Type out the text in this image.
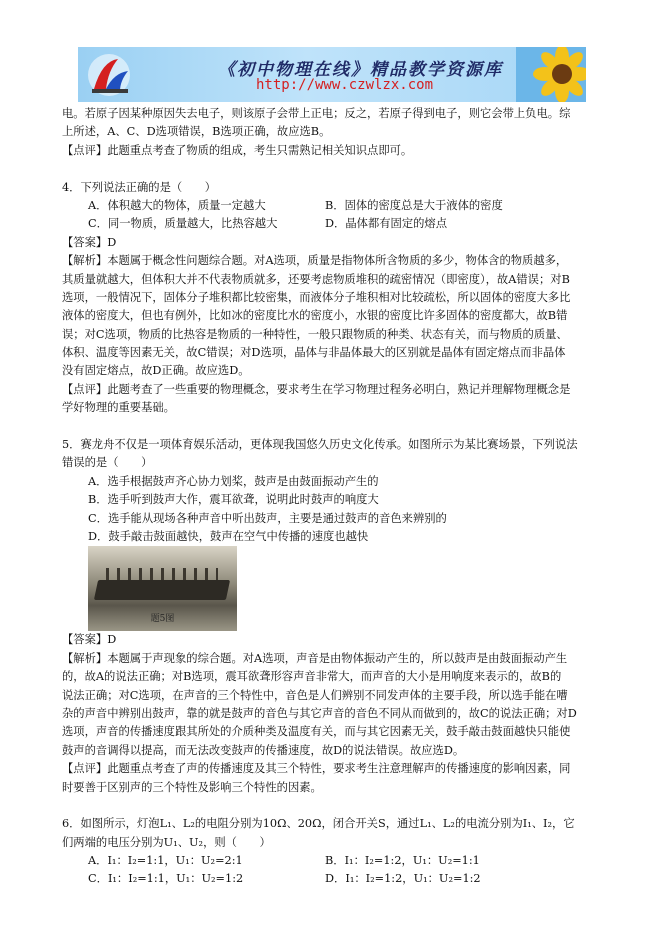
《初中物理在线》精品教学资源库
http://www.czwlzx.com
电。若原子因某种原因失去电子，则该原子会带上正电；反之，若原子得到电子，则它会带上负电。综
上所述，A、C、D选项错误，B选项正确，故应选B。
【点评】此题重点考查了物质的组成，考生只需熟记相关知识点即可。
4．下列说法正确的是（　　）
A．体积越大的物体，质量一定越大	B．固体的密度总是大于液体的密度
C．同一物质，质量越大，比热容越大	D．晶体都有固定的熔点
【答案】D
【解析】本题属于概念性问题综合题。对A选项，质量是指物体所含物质的多少，物体含的物质越多，
其质量就越大，但体积大并不代表物质就多，还要考虑物质堆积的疏密情况（即密度），故A错误；对B
选项，一般情况下，固体分子堆积都比较密集，而液体分子堆积相对比较疏松，所以固体的密度大多比
液体的密度大，但也有例外，比如冰的密度比水的密度小，水银的密度比许多固体的密度都大，故B错
误；对C选项，物质的比热容是物质的一种特性，一般只跟物质的种类、状态有关，而与物质的质量、
体积、温度等因素无关，故C错误；对D选项，晶体与非晶体最大的区别就是晶体有固定熔点而非晶体
没有固定熔点，故D正确。故应选D。
【点评】此题考查了一些重要的物理概念，要求考生在学习物理过程务必明白，熟记并理解物理概念是
学好物理的重要基础。
5．赛龙舟不仅是一项体育娱乐活动，更体现我国悠久历史文化传承。如图所示为某比赛场景，下列说法
错误的是（　　）
A．选手根据鼓声齐心协力划桨，鼓声是由鼓面振动产生的
B．选手听到鼓声大作，震耳欲聋，说明此时鼓声的响度大
C．选手能从现场各种声音中听出鼓声，主要是通过鼓声的音色来辨别的
D．鼓手敲击鼓面越快，鼓声在空气中传播的速度也越快
题5图
【答案】D
【解析】本题属于声现象的综合题。对A选项，声音是由物体振动产生的，所以鼓声是由鼓面振动产生
的，故A的说法正确；对B选项，震耳欲聋形容声音非常大，而声音的大小是用响度来表示的，故B的
说法正确；对C选项，在声音的三个特性中，音色是人们辨别不同发声体的主要手段，所以选手能在嘈
杂的声音中辨别出鼓声，靠的就是鼓声的音色与其它声音的音色不同从而做到的，故C的说法正确；对D
选项，声音的传播速度跟其所处的介质种类及温度有关，而与其它因素无关，鼓手敲击鼓面越快只能使
鼓声的音调得以提高，而无法改变鼓声的传播速度，故D的说法错误。故应选D。
【点评】此题重点考查了声的传播速度及其三个特性，要求考生注意理解声的传播速度的影响因素，同
时要善于区别声的三个特性及影响三个特性的因素。
6．如图所示，灯泡L₁、L₂的电阻分别为10Ω、20Ω，闭合开关S，通过L₁、L₂的电流分别为I₁、I₂，它
们两端的电压分别为U₁、U₂，则（　　）
A．I₁：I₂=1:1，U₁：U₂=2:1	B．I₁：I₂=1:2，U₁：U₂=1:1
C．I₁：I₂=1:1，U₁：U₂=1:2	D．I₁：I₂=1:2，U₁：U₂=1:2
